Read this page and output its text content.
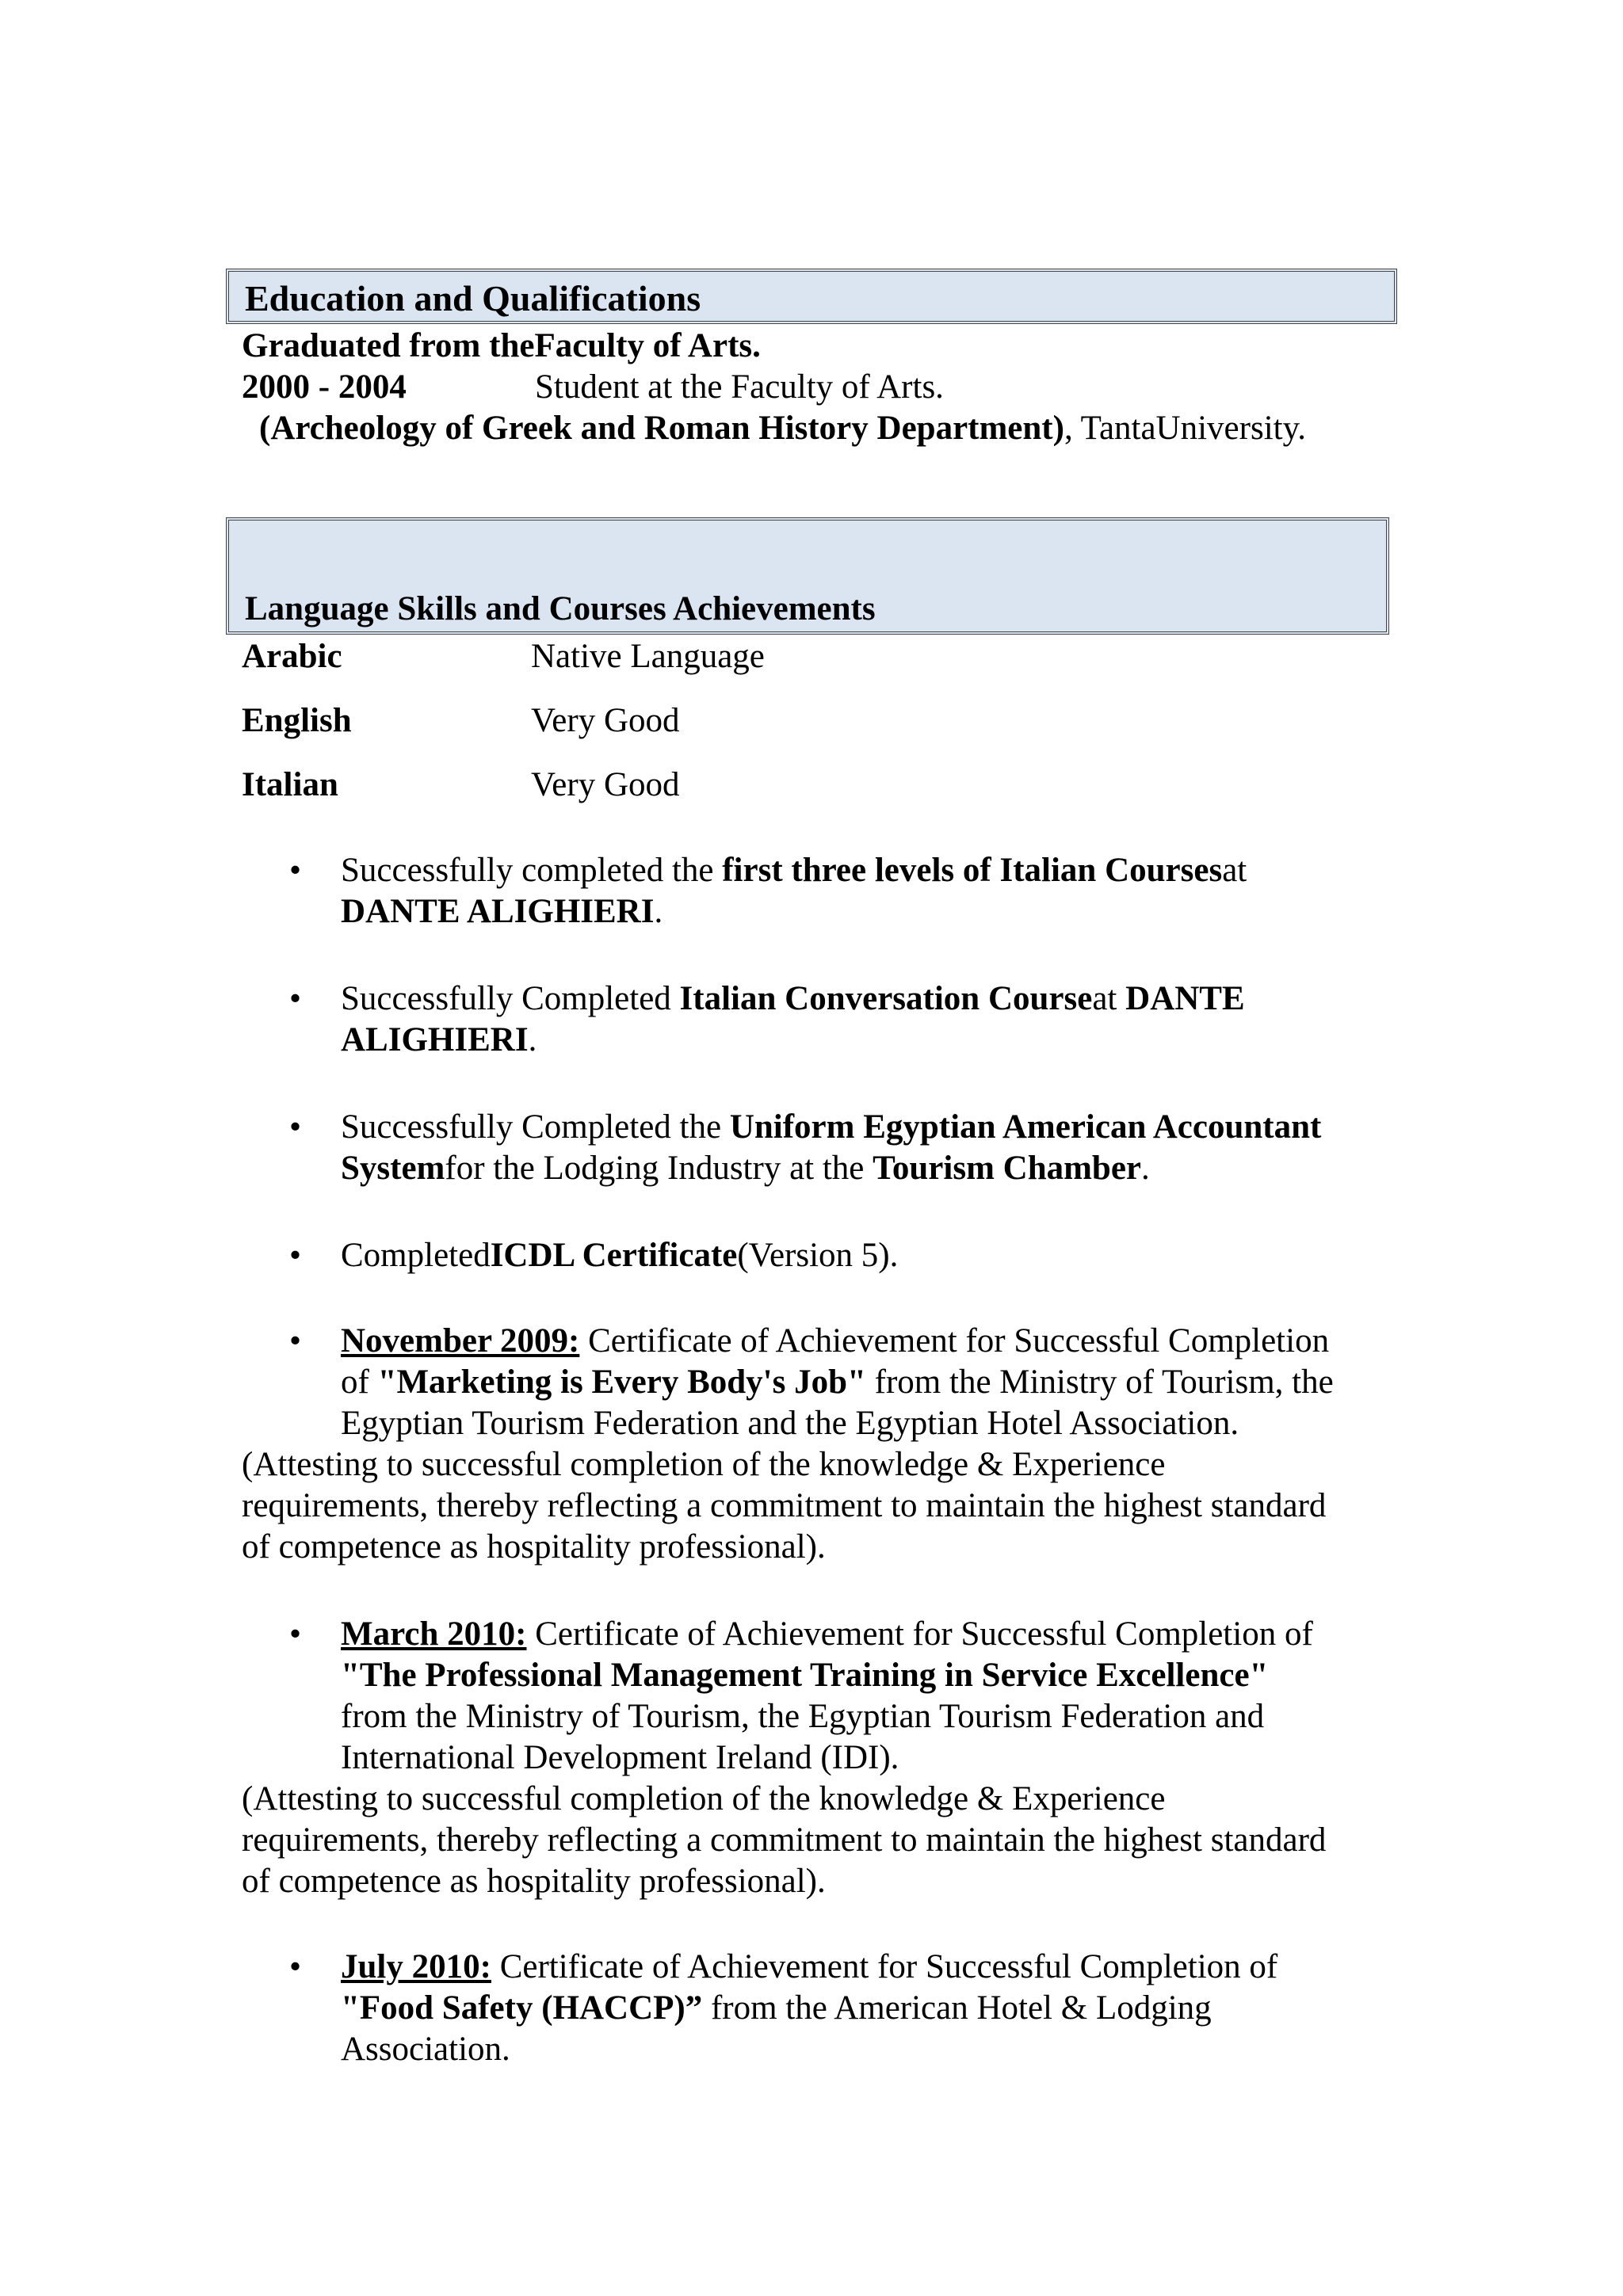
Education and Qualifications
Graduated from theFaculty of Arts.
2000 - 2004	Student at the Faculty of Arts.
(Archeology of Greek and Roman History Department), TantaUniversity.
Language Skills and Courses Achievements
Arabic	Native Language
English	Very Good
Italian	Very Good
•	Successfully completed the first three levels of Italian Coursesat
DANTE ALIGHIERI.
•	Successfully Completed Italian Conversation Courseat DANTE
ALIGHIERI.
•	Successfully Completed the Uniform Egyptian American Accountant
Systemfor the Lodging Industry at the Tourism Chamber.
•	CompletedICDL Certificate(Version 5).
•	November 2009: Certificate of Achievement for Successful Completion
of "Marketing is Every Body's Job" from the Ministry of Tourism, the
Egyptian Tourism Federation and the Egyptian Hotel Association.
(Attesting to successful completion of the knowledge & Experience
requirements, thereby reflecting a commitment to maintain the highest standard
of competence as hospitality professional).
•	March 2010: Certificate of Achievement for Successful Completion of
"The Professional Management Training in Service Excellence"
from the Ministry of Tourism, the Egyptian Tourism Federation and
International Development Ireland (IDI).
(Attesting to successful completion of the knowledge & Experience
requirements, thereby reflecting a commitment to maintain the highest standard
of competence as hospitality professional).
•	July 2010: Certificate of Achievement for Successful Completion of
"Food Safety (HACCP)” from the American Hotel & Lodging
Association.
